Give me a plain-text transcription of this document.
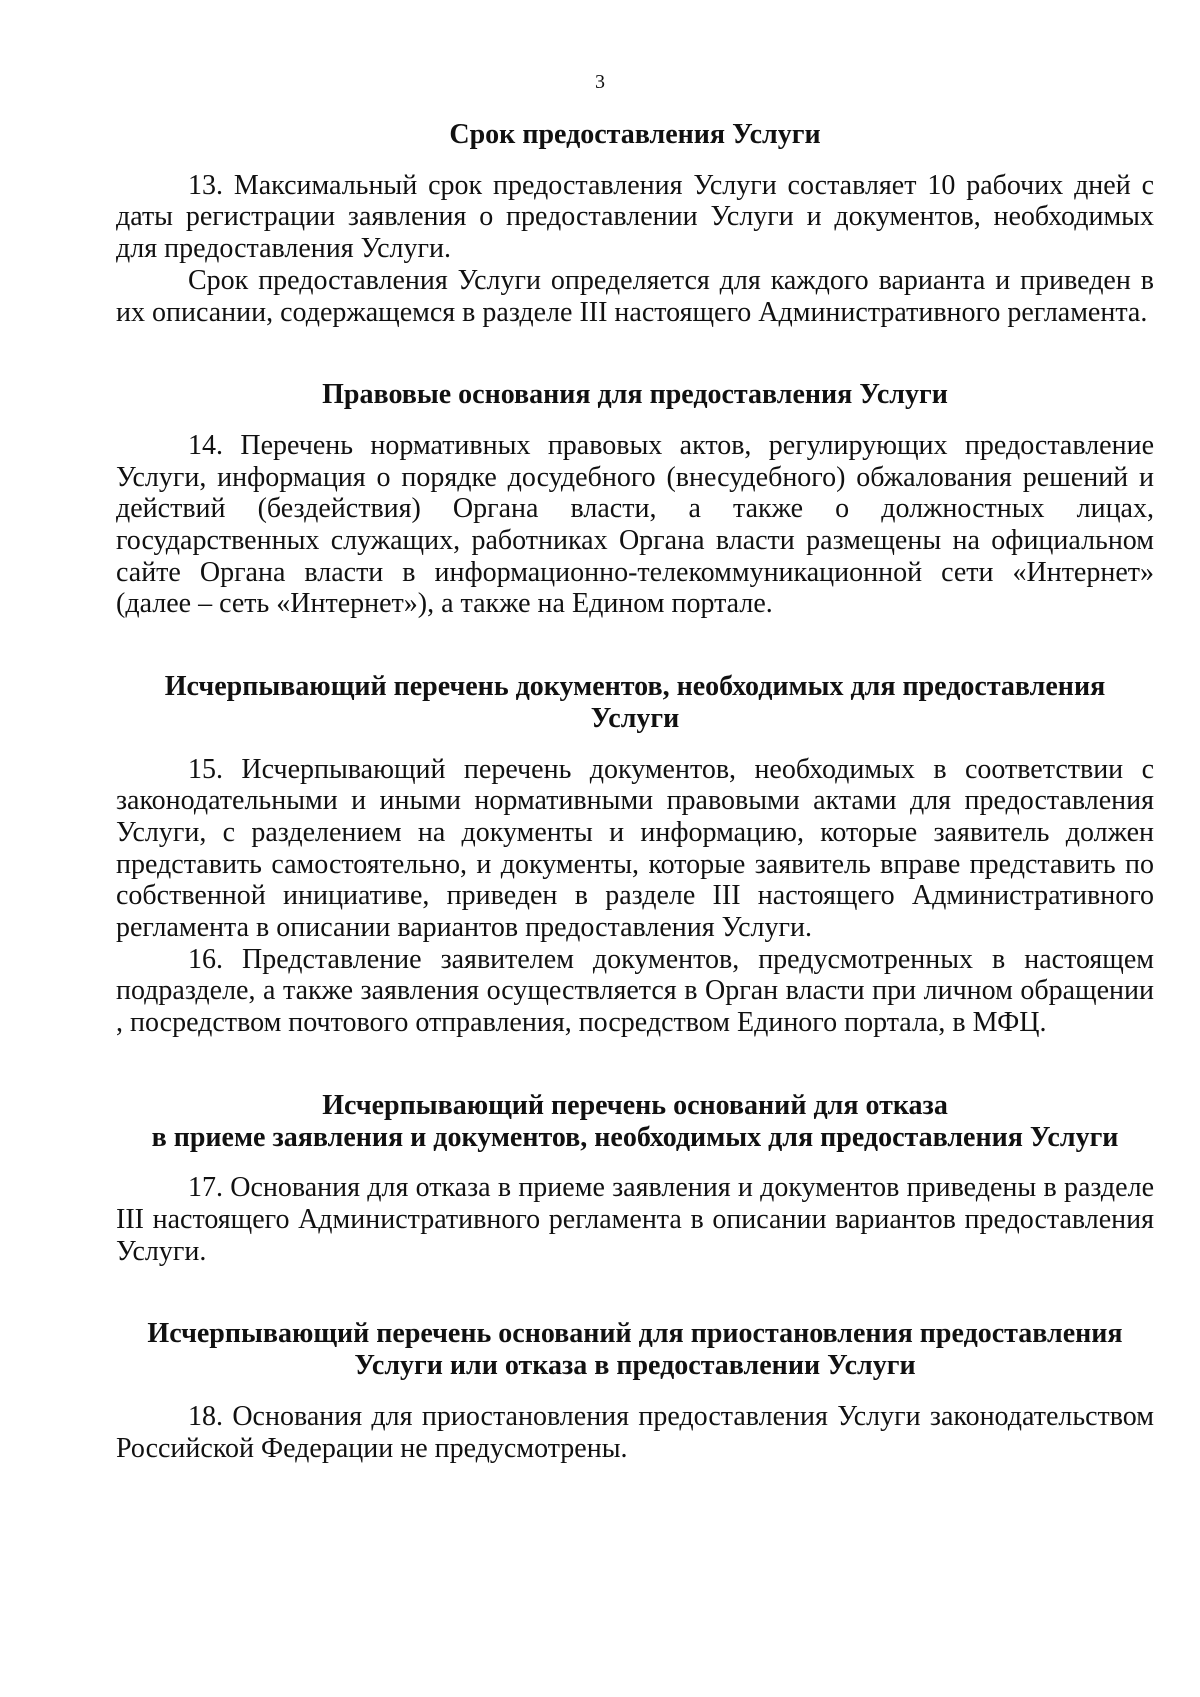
3
Срок предоставления Услуги

13. Максимальный срок предоставления Услуги составляет 10 рабочих дней с даты регистрации заявления о предоставлении Услуги и документов, необходимых для предоставления Услуги.

Срок предоставления Услуги определяется для каждого варианта и приведен в их описании, содержащемся в разделе III настоящего Административного регламента.

Правовые основания для предоставления Услуги

14. Перечень нормативных правовых актов, регулирующих предоставление Услуги, информация о порядке досудебного (внесудебного) обжалования решений и действий (бездействия) Органа власти, а также о должностных лицах, государственных служащих, работниках Органа власти размещены на официальном сайте Органа власти в информационно-телекоммуникационной сети «Интернет» (далее – сеть «Интернет»), а также на Едином портале.

Исчерпывающий перечень документов, необходимых для предоставления
Услуги

15. Исчерпывающий перечень документов, необходимых в соответствии с законодательными и иными нормативными правовыми актами для предоставления Услуги, с разделением на документы и информацию, которые заявитель должен представить самостоятельно, и документы, которые заявитель вправе представить по собственной инициативе, приведен в разделе III настоящего Административного регламента в описании вариантов предоставления Услуги.

16. Представление заявителем документов, предусмотренных в настоящем подразделе, а также заявления осуществляется в Орган власти при личном обращении , посредством почтового отправления, посредством Единого портала, в МФЦ.

Исчерпывающий перечень оснований для отказа
в приеме заявления и документов, необходимых для предоставления Услуги

17. Основания для отказа в приеме заявления и документов приведены в разделе III настоящего Административного регламента в описании вариантов предоставления Услуги.

Исчерпывающий перечень оснований для приостановления предоставления
Услуги или отказа в предоставлении Услуги

18. Основания для приостановления предоставления Услуги законодательством Российской Федерации не предусмотрены.
